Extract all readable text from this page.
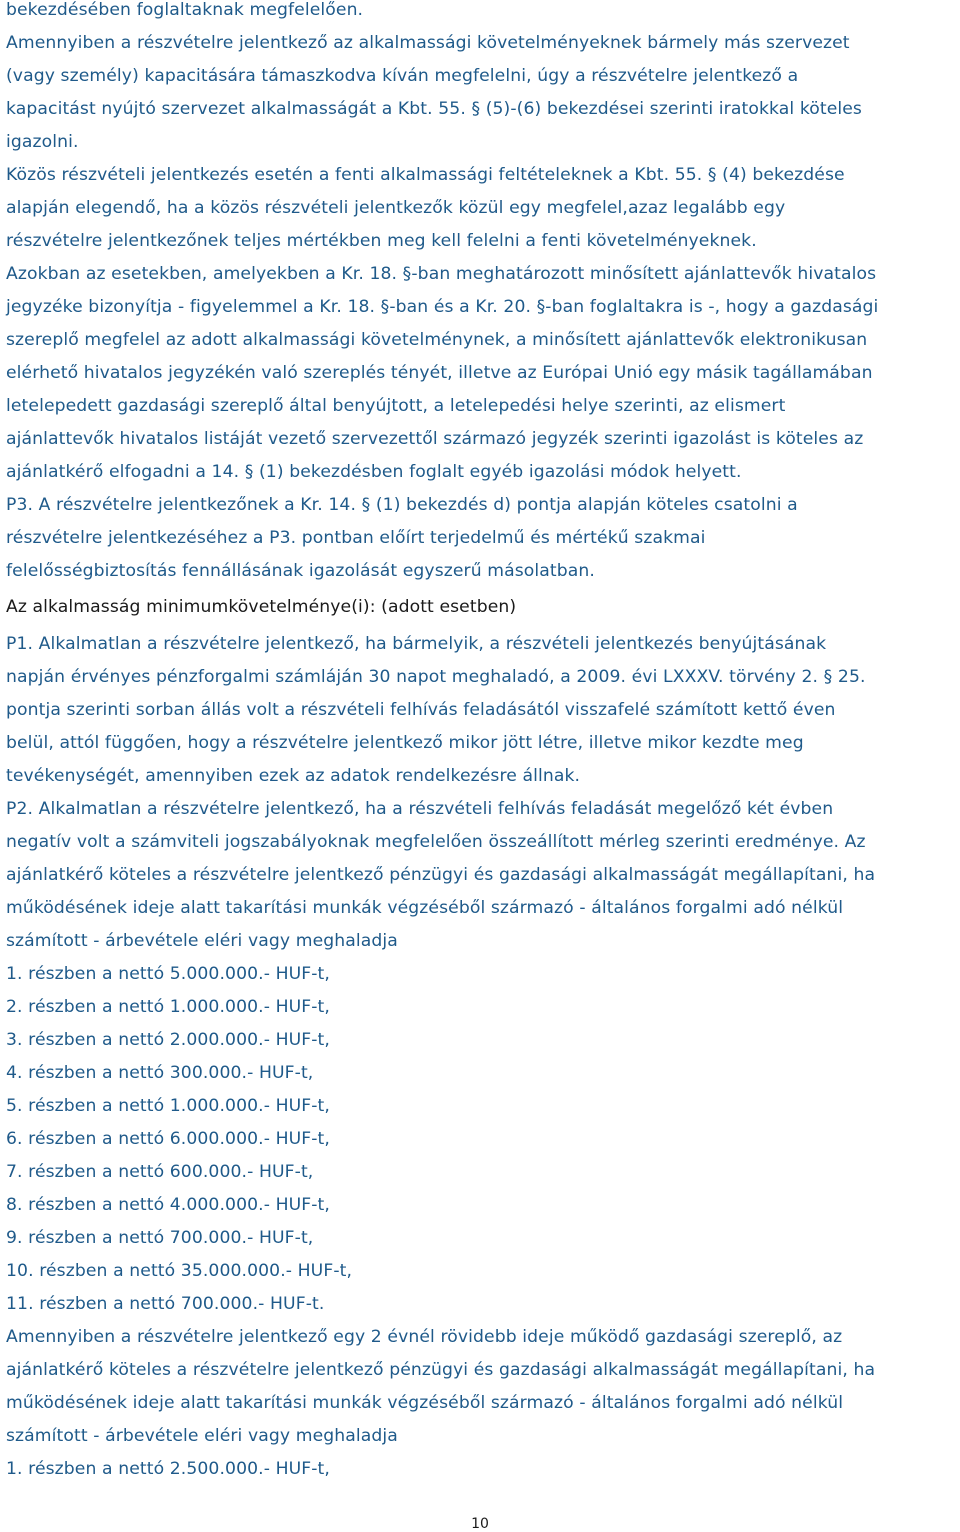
bekezdésében foglaltaknak megfelelően.
Amennyiben a részvételre jelentkező az alkalmassági követelményeknek bármely más szervezet
(vagy személy) kapacitására támaszkodva kíván megfelelni, úgy a részvételre jelentkező a
kapacitást nyújtó szervezet alkalmasságát a Kbt. 55. § (5)-(6) bekezdései szerinti iratokkal köteles
igazolni.
Közös részvételi jelentkezés esetén a fenti alkalmassági feltételeknek a Kbt. 55. § (4) bekezdése
alapján elegendő, ha a közös részvételi jelentkezők közül egy megfelel,azaz legalább egy
részvételre jelentkezőnek teljes mértékben meg kell felelni a fenti követelményeknek.
Azokban az esetekben, amelyekben a Kr. 18. §-ban meghatározott minősített ajánlattevők hivatalos
jegyzéke bizonyítja - figyelemmel a Kr. 18. §-ban és a Kr. 20. §-ban foglaltakra is -, hogy a gazdasági
szereplő megfelel az adott alkalmassági követelménynek, a minősített ajánlattevők elektronikusan
elérhető hivatalos jegyzékén való szereplés tényét, illetve az Európai Unió egy másik tagállamában
letelepedett gazdasági szereplő által benyújtott, a letelepedési helye szerinti, az elismert
ajánlattevők hivatalos listáját vezető szervezettől származó jegyzék szerinti igazolást is köteles az
ajánlatkérő elfogadni a 14. § (1) bekezdésben foglalt egyéb igazolási módok helyett.
P3. A részvételre jelentkezőnek a Kr. 14. § (1) bekezdés d) pontja alapján köteles csatolni a
részvételre jelentkezéséhez a P3. pontban előírt terjedelmű és mértékű szakmai
felelősségbiztosítás fennállásának igazolását egyszerű másolatban.
Az alkalmasság minimumkövetelménye(i): (adott esetben)
P1. Alkalmatlan a részvételre jelentkező, ha bármelyik, a részvételi jelentkezés benyújtásának
napján érvényes pénzforgalmi számláján 30 napot meghaladó, a 2009. évi LXXXV. törvény 2. § 25.
pontja szerinti sorban állás volt a részvételi felhívás feladásától visszafelé számított kettő éven
belül, attól függően, hogy a részvételre jelentkező mikor jött létre, illetve mikor kezdte meg
tevékenységét, amennyiben ezek az adatok rendelkezésre állnak.
P2. Alkalmatlan a részvételre jelentkező, ha a részvételi felhívás feladását megelőző két évben
negatív volt a számviteli jogszabályoknak megfelelően összeállított mérleg szerinti eredménye. Az
ajánlatkérő köteles a részvételre jelentkező pénzügyi és gazdasági alkalmasságát megállapítani, ha
működésének ideje alatt takarítási munkák végzéséből származó - általános forgalmi adó nélkül
számított - árbevétele eléri vagy meghaladja
1. részben a nettó 5.000.000.- HUF-t,
2. részben a nettó 1.000.000.- HUF-t,
3. részben a nettó 2.000.000.- HUF-t,
4. részben a nettó 300.000.- HUF-t,
5. részben a nettó 1.000.000.- HUF-t,
6. részben a nettó 6.000.000.- HUF-t,
7. részben a nettó 600.000.- HUF-t,
8. részben a nettó 4.000.000.- HUF-t,
9. részben a nettó 700.000.- HUF-t,
10. részben a nettó 35.000.000.- HUF-t,
11. részben a nettó 700.000.- HUF-t.
Amennyiben a részvételre jelentkező egy 2 évnél rövidebb ideje működő gazdasági szereplő, az
ajánlatkérő köteles a részvételre jelentkező pénzügyi és gazdasági alkalmasságát megállapítani, ha
működésének ideje alatt takarítási munkák végzéséből származó - általános forgalmi adó nélkül
számított - árbevétele eléri vagy meghaladja
1. részben a nettó 2.500.000.- HUF-t,
10
